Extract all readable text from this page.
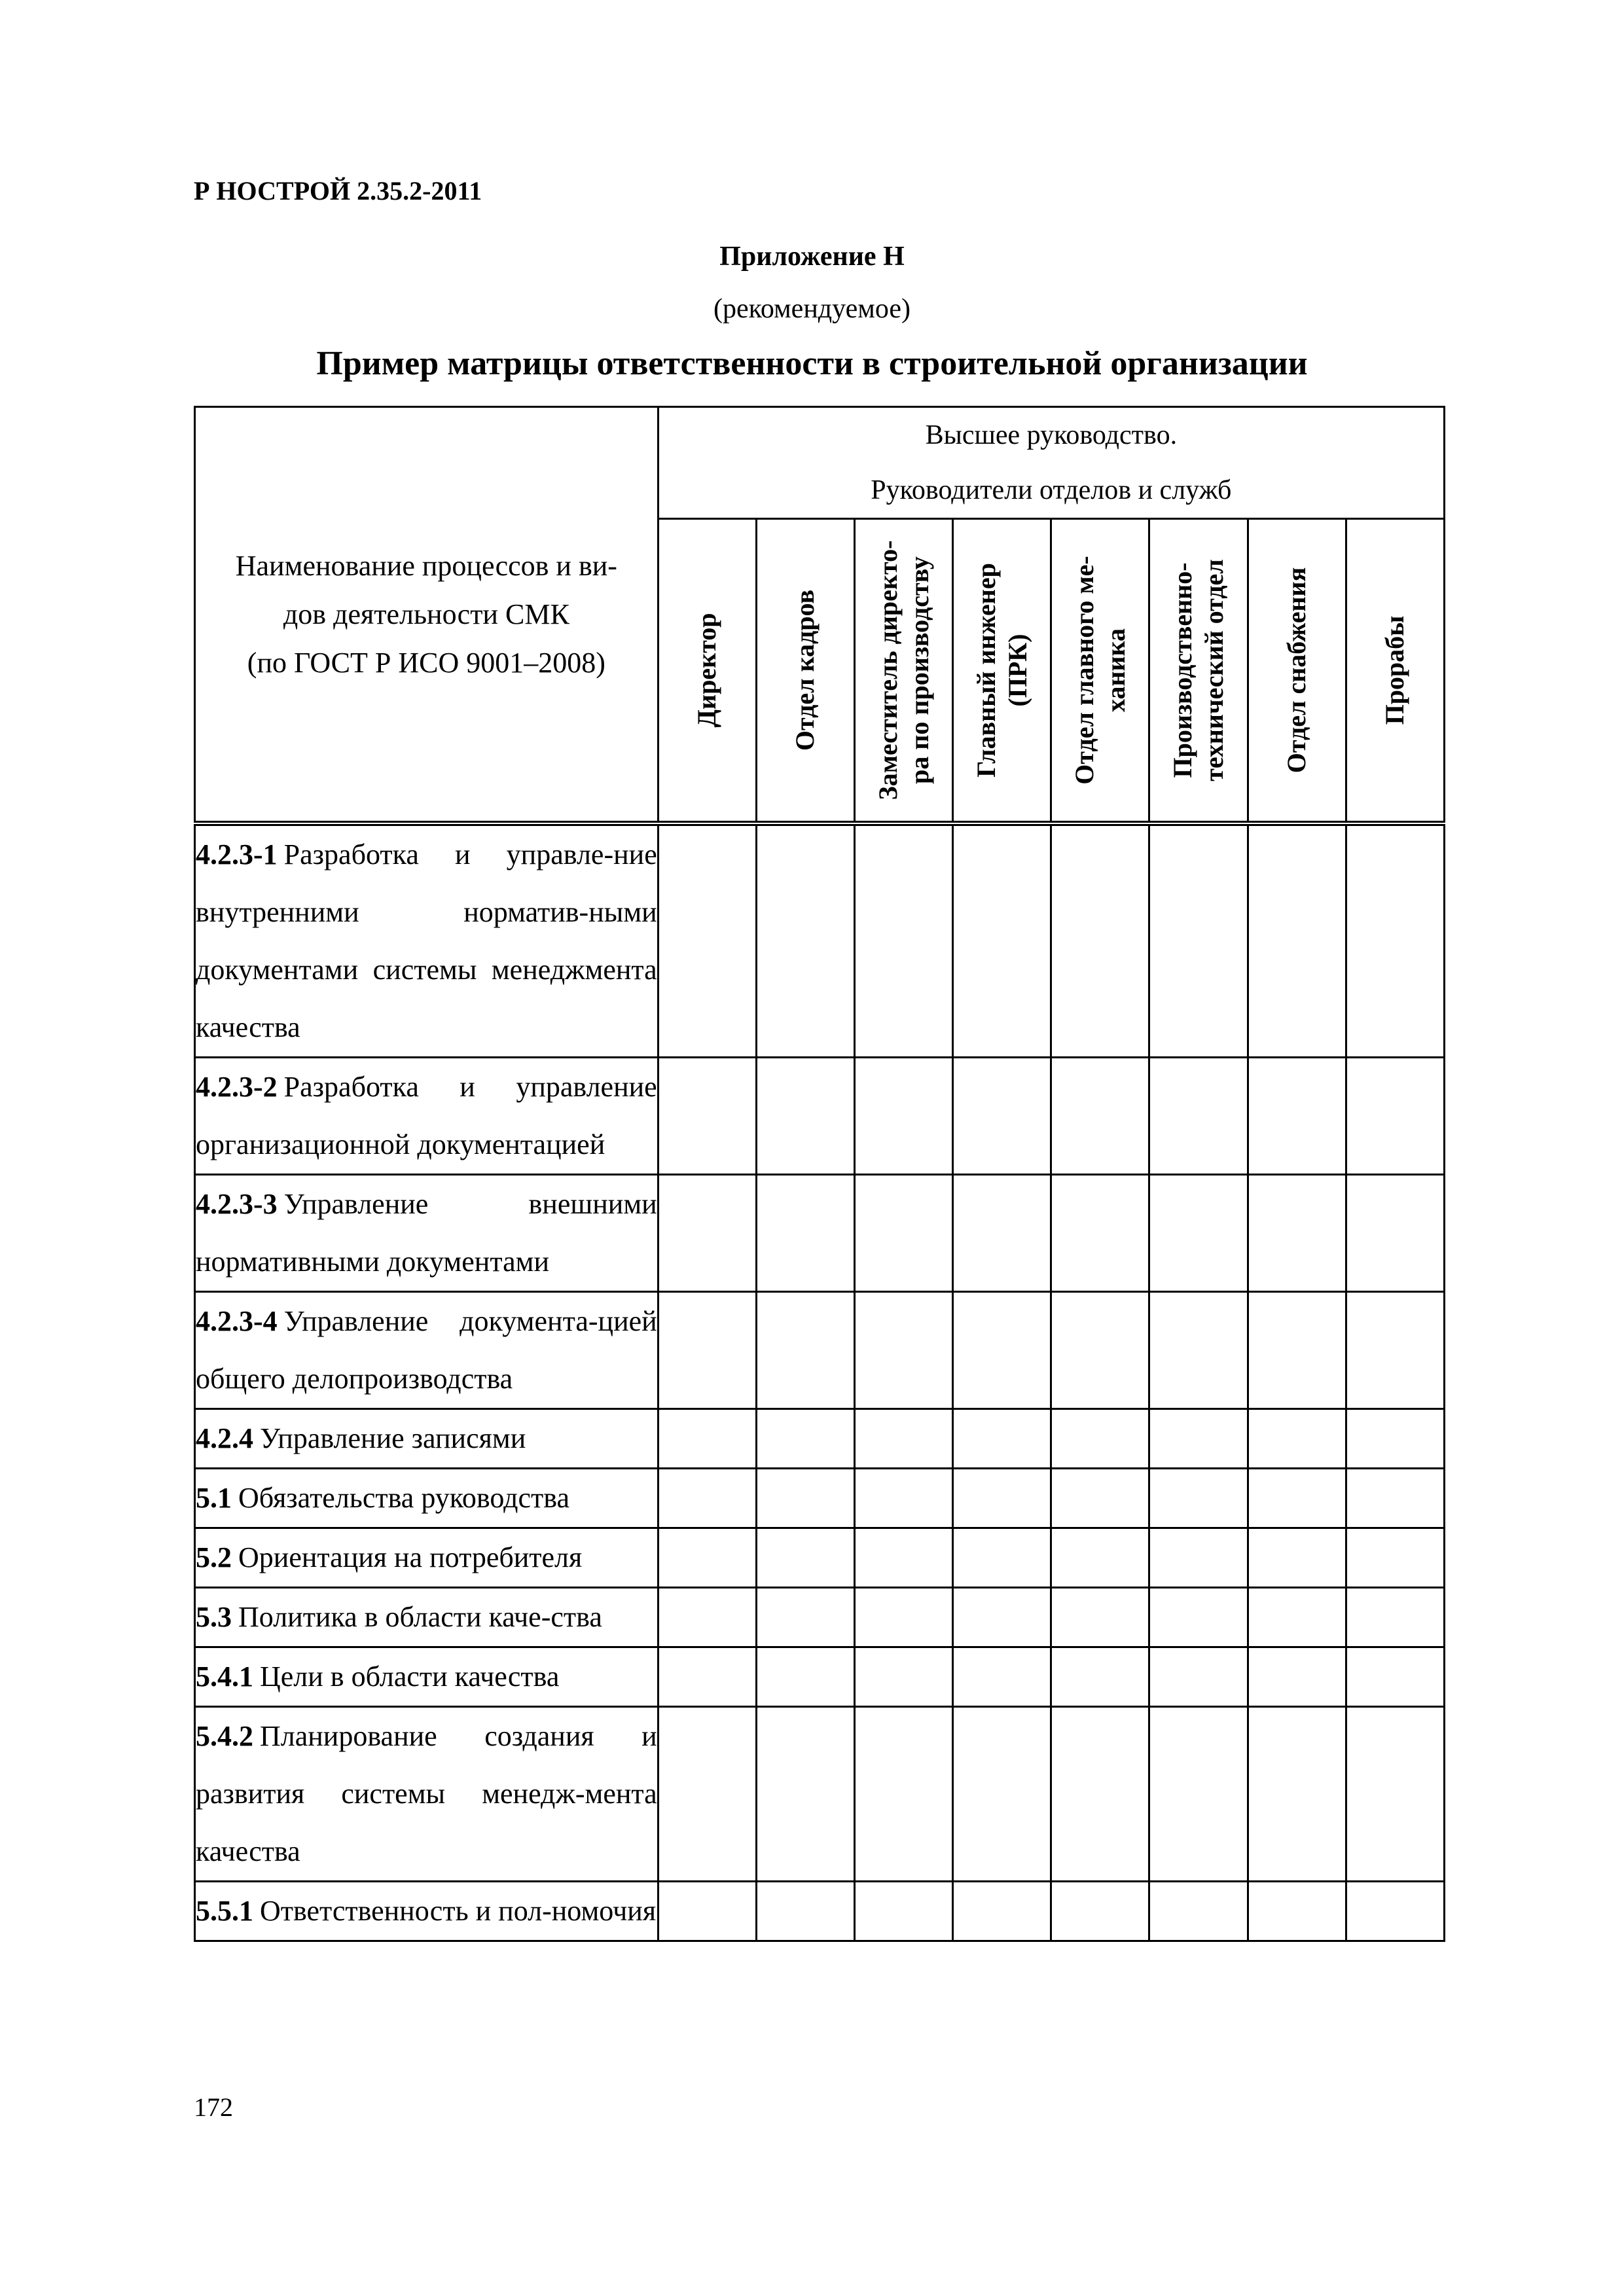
Р НОСТРОЙ 2.35.2-2011
Приложение Н
(рекомендуемое)
Пример матрицы ответственности в строительной организации
Наименование процессов и ви-
дов деятельности СМК
(по ГОСТ Р ИСО 9001–2008)	Высшее руководство.
Руководители отделов и служб							

	Директор	Отдел кадров	Заместитель директо-ра по производству	Главный инженер (ПРК)	Отдел главного ме-ханика	Производственно-технический отдел	Отдел снабжения	Прорабы

4.2.3-1 Разработка и управле-ние внутренними норматив-ными документами системы менеджмента качества								
4.2.3-2 Разработка и управление организационной документацией								
4.2.3-3 Управление внешними нормативными документами								
4.2.3-4 Управление документа-цией общего делопроизводства								
4.2.4 Управление записями								
5.1 Обязательства руководства								
5.2 Ориентация на потребителя								
5.3 Политика в области каче-ства								
5.4.1 Цели в области качества								
5.4.2 Планирование создания и развития системы менедж-мента качества								
5.5.1 Ответственность и пол-номочия								
172
